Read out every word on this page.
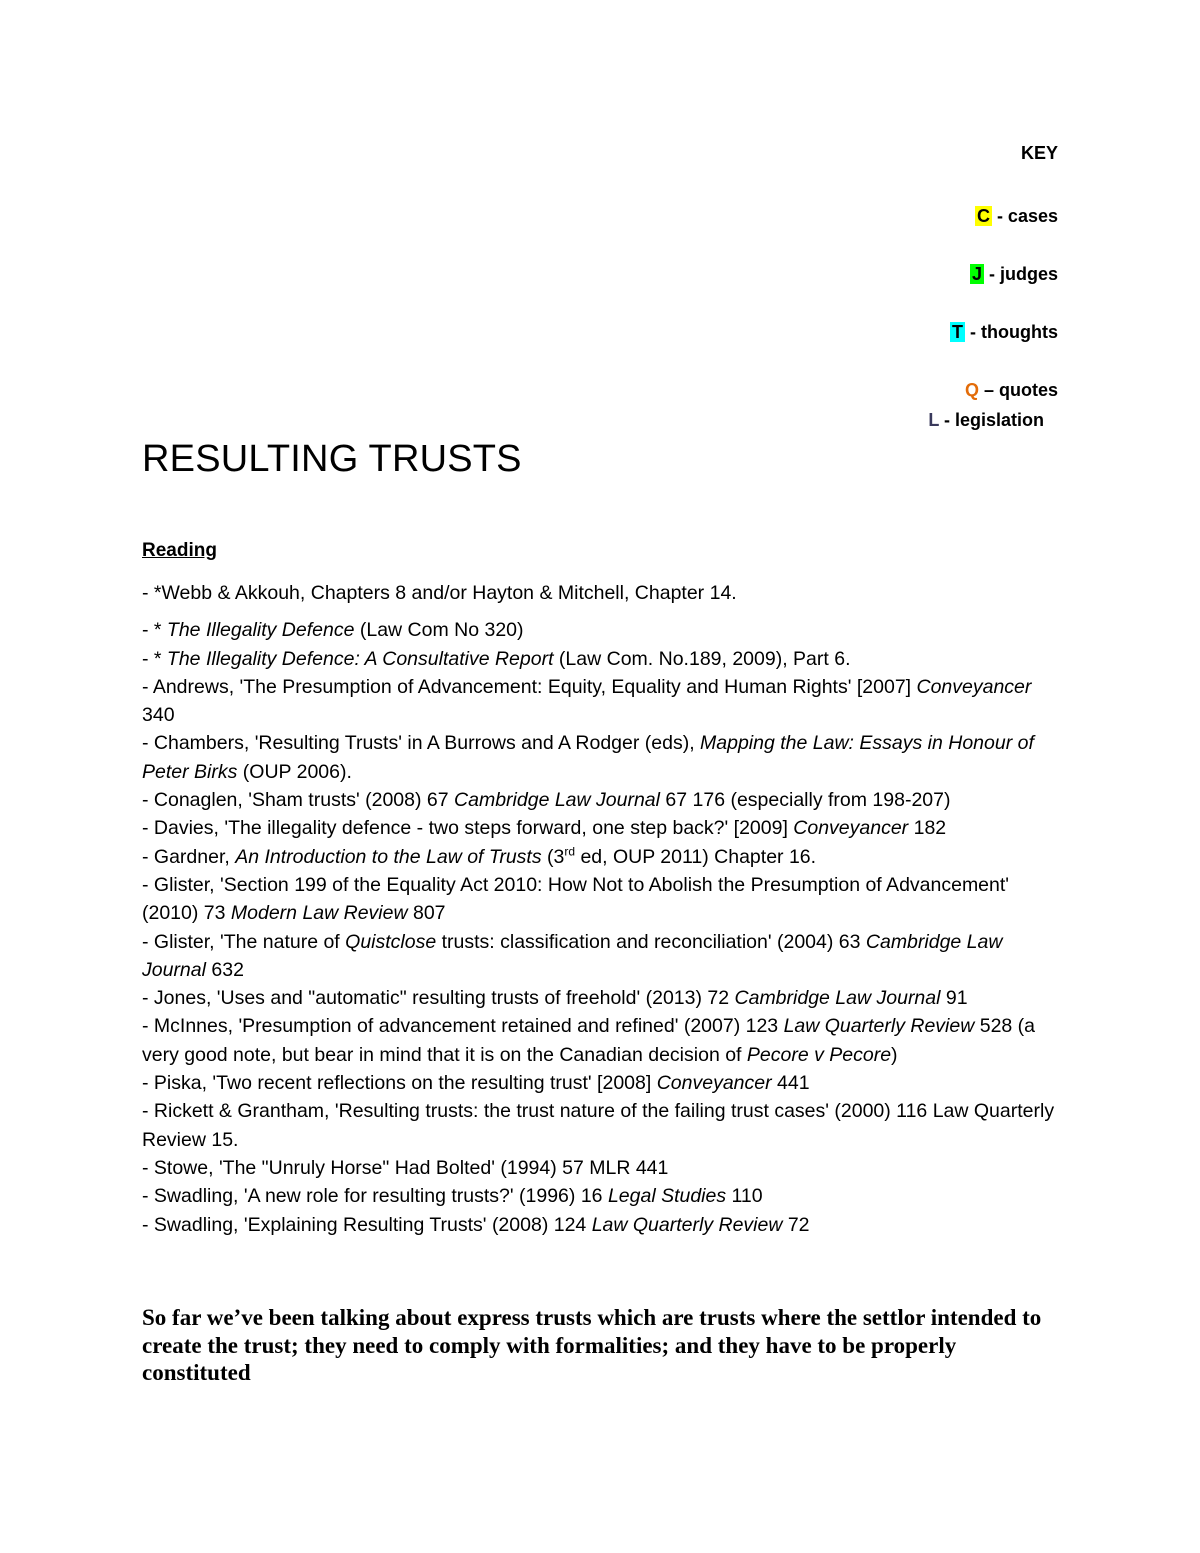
KEY
C - cases
J - judges
T - thoughts
Q – quotes
L - legislation
RESULTING TRUSTS
Reading
- *Webb & Akkouh, Chapters 8 and/or Hayton & Mitchell, Chapter 14.
- * The Illegality Defence (Law Com No 320)
- * The Illegality Defence: A Consultative Report (Law Com. No.189, 2009), Part 6.
- Andrews, 'The Presumption of Advancement: Equity, Equality and Human Rights' [2007] Conveyancer 340
- Chambers, 'Resulting Trusts' in A Burrows and A Rodger (eds), Mapping the Law: Essays in Honour of Peter Birks (OUP 2006).
- Conaglen, 'Sham trusts' (2008) 67 Cambridge Law Journal 67 176 (especially from 198-207)
- Davies, 'The illegality defence - two steps forward, one step back?' [2009] Conveyancer 182
- Gardner, An Introduction to the Law of Trusts (3rd ed, OUP 2011) Chapter 16.
- Glister, 'Section 199 of the Equality Act 2010: How Not to Abolish the Presumption of Advancement' (2010) 73 Modern Law Review 807
- Glister, 'The nature of Quistclose trusts: classification and reconciliation' (2004) 63 Cambridge Law Journal 632
- Jones, 'Uses and "automatic" resulting trusts of freehold' (2013) 72 Cambridge Law Journal 91
- McInnes, 'Presumption of advancement retained and refined' (2007) 123 Law Quarterly Review 528 (a very good note, but bear in mind that it is on the Canadian decision of Pecore v Pecore)
- Piska, 'Two recent reflections on the resulting trust' [2008] Conveyancer 441
- Rickett & Grantham, 'Resulting trusts: the trust nature of the failing trust cases' (2000) 116 Law Quarterly Review 15.
- Stowe, 'The "Unruly Horse" Had Bolted' (1994) 57 MLR 441
- Swadling, 'A new role for resulting trusts?' (1996) 16 Legal Studies 110
- Swadling, 'Explaining Resulting Trusts' (2008) 124 Law Quarterly Review 72

So far we’ve been talking about express trusts which are trusts where the settlor intended to create the trust; they need to comply with formalities; and they have to be properly constituted
